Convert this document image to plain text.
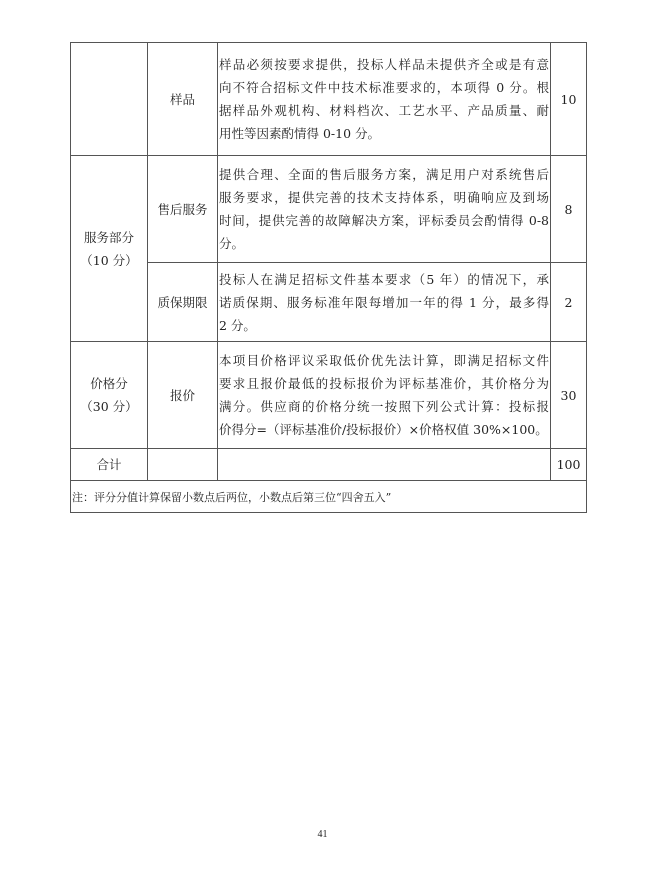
	样品	样品必须按要求提供，投标人样品未提供齐全或是有意
向不符合招标文件中技术标准要求的，本项得 0 分。根
据样品外观机构、材料档次、工艺水平、产品质量、耐
用性等因素酌情得 0-10 分。	10

服务部分
（10 分）	售后服务	提供合理、全面的售后服务方案，满足用户对系统售后
服务要求，提供完善的技术支持体系，明确响应及到场
时间，提供完善的故障解决方案，评标委员会酌情得 0-8
分。	8
	质保期限	投标人在满足招标文件基本要求（5 年）的情况下，承
诺质保期、服务标准年限每增加一年的得 1 分，最多得
2 分。	2

价格分
（30 分）	报价	本项目价格评议采取低价优先法计算，即满足招标文件
要求且报价最低的投标报价为评标基准价，其价格分为
满分。供应商的价格分统一按照下列公式计算：投标报
价得分=（评标基准价/投标报价）×价格权值 30%×100。	30
合计			100
注：评分分值计算保留小数点后两位，小数点后第三位“四舍五入”			
41
